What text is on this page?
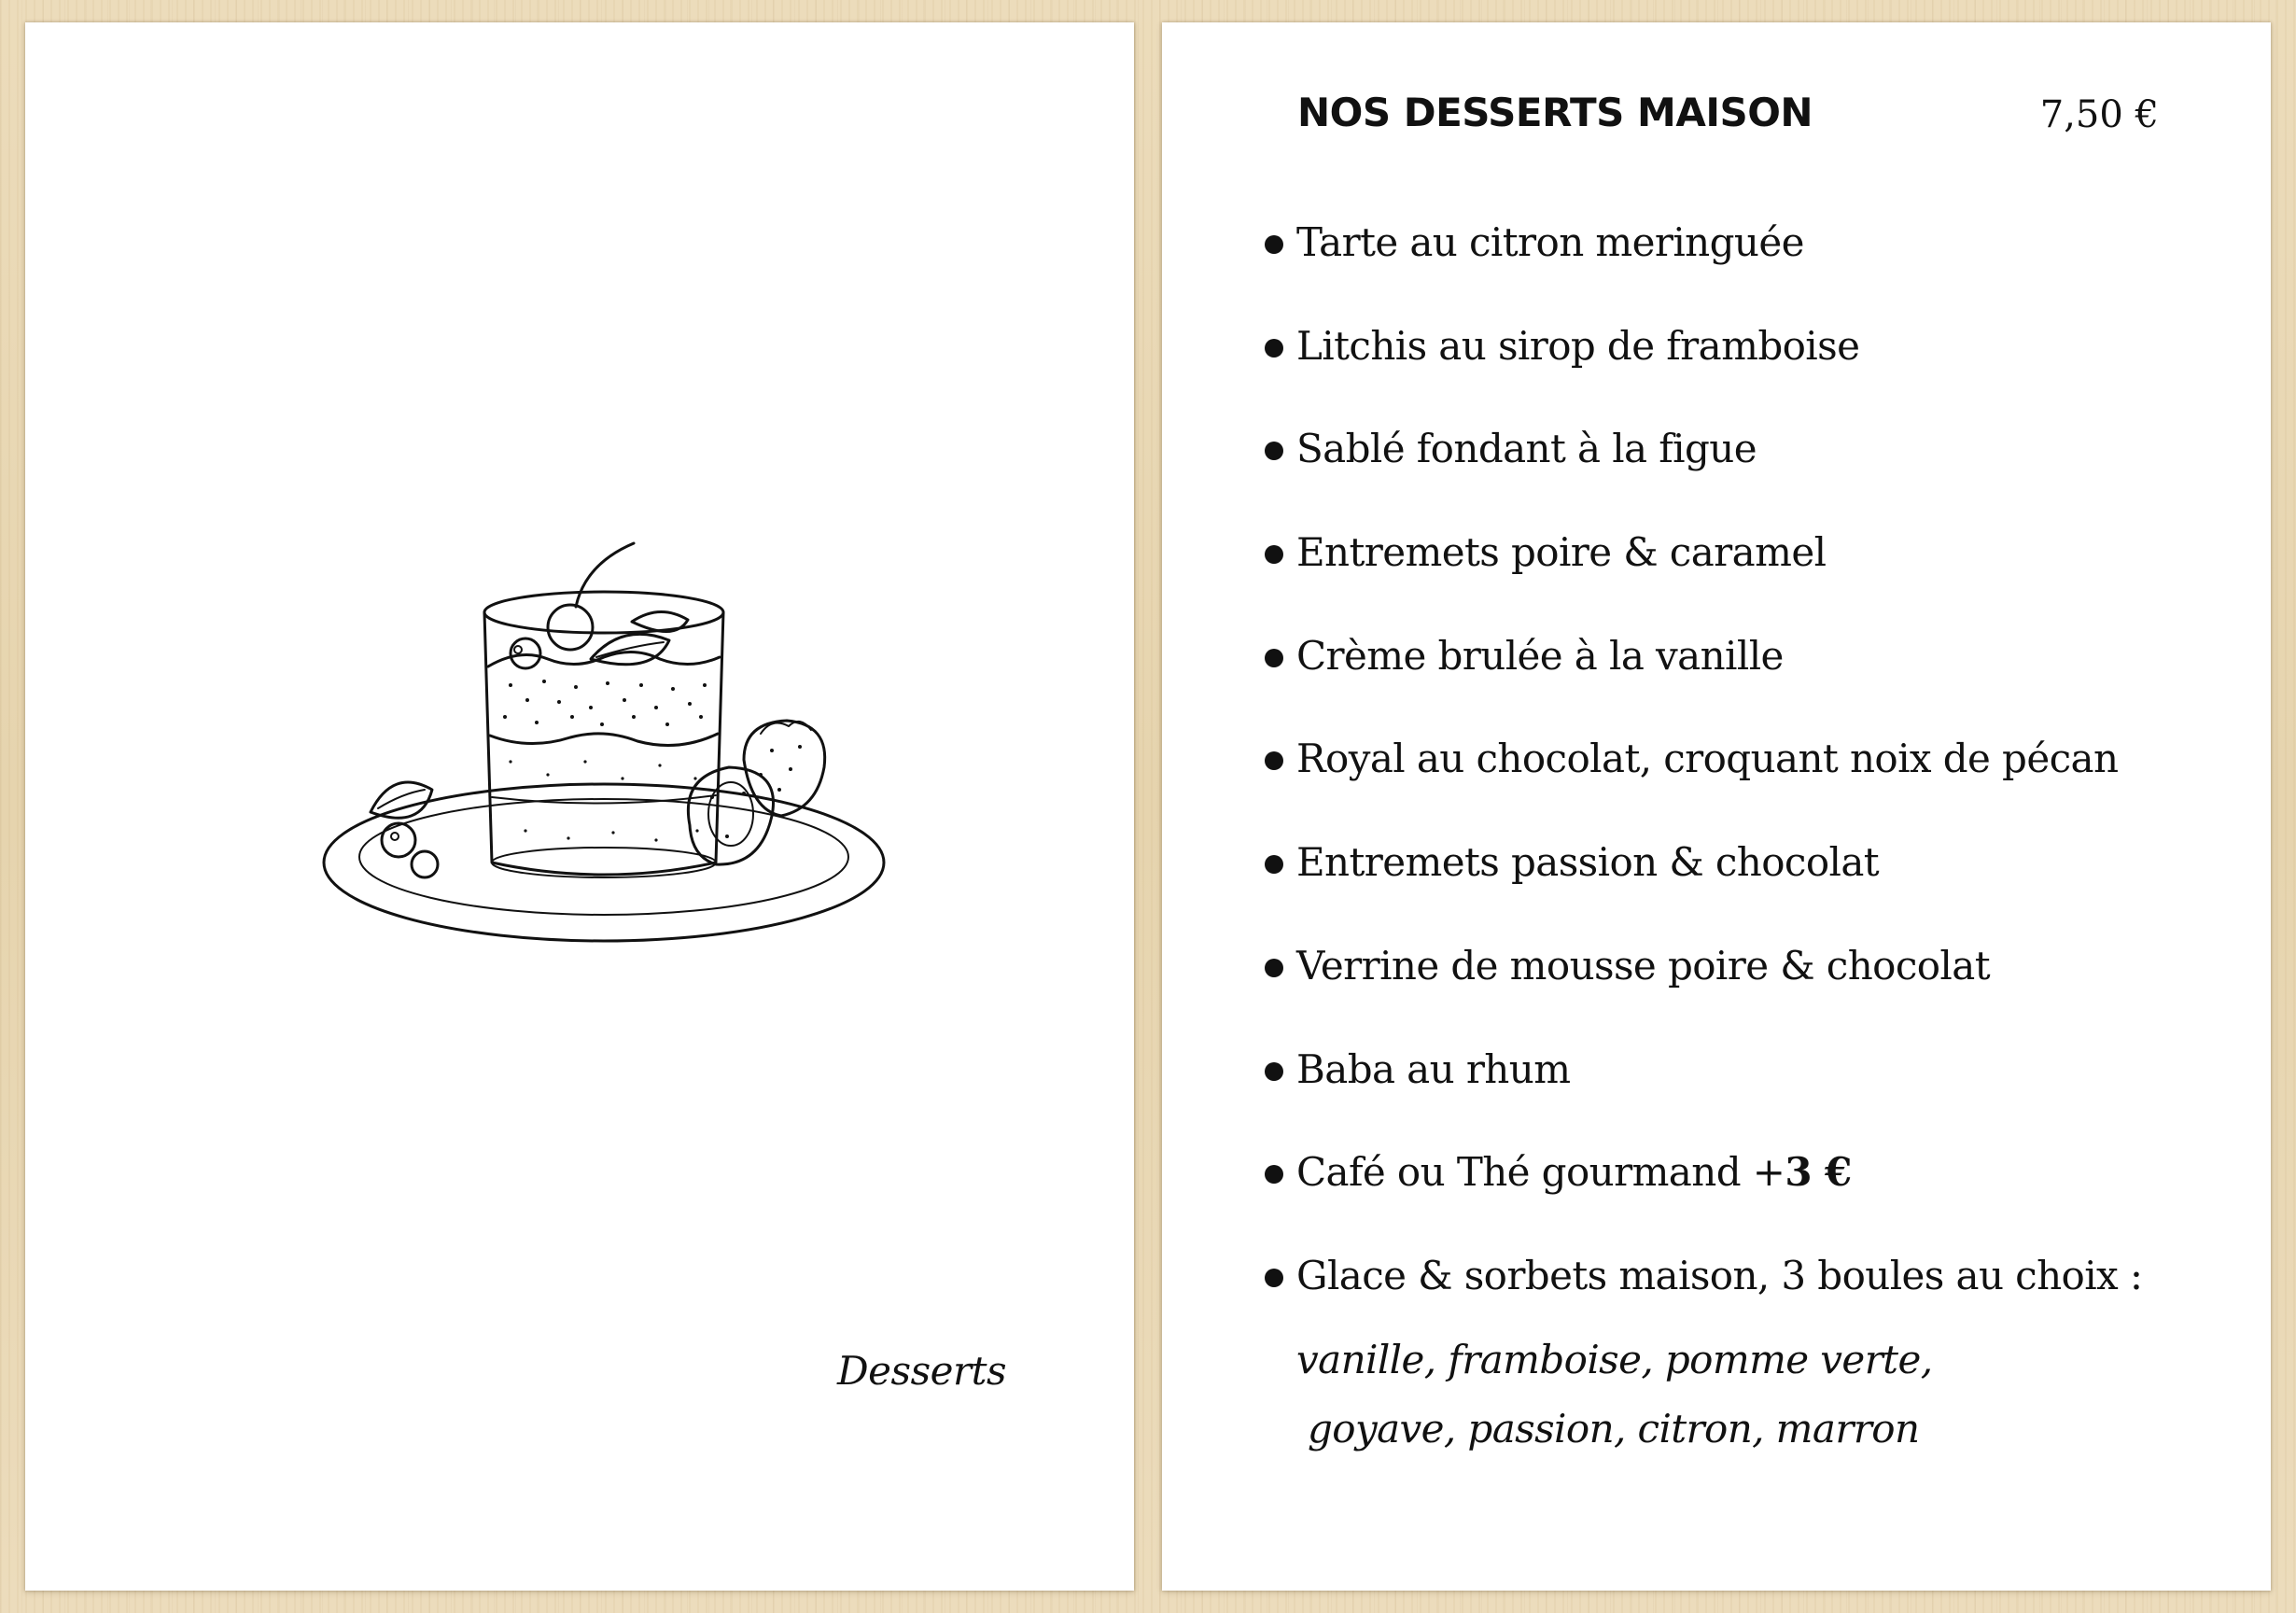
Desserts
NOS DESSERTS MAISON	7,50 €
Tarte au citron meringuée
Litchis au sirop de framboise
Sablé fondant à la figue
Entremets poire & caramel
Crème brulée à la vanille
Royal au chocolat, croquant noix de pécan
Entremets passion & chocolat
Verrine de mousse poire & chocolat
Baba au rhum
Café ou Thé gourmand +3 €
Glace & sorbets maison, 3 boules au choix :
vanille, framboise, pomme verte,
goyave, passion, citron, marron
